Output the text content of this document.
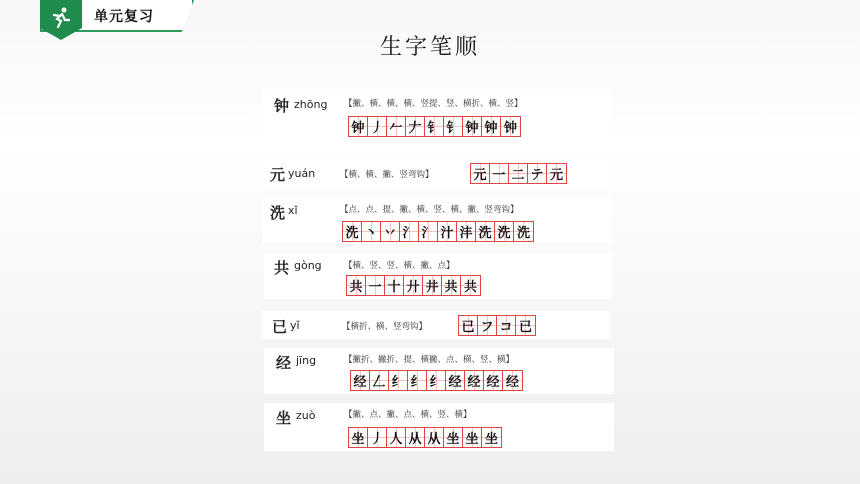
单元复习
生字笔顺
钟 zhōng 【撇、横、横、横、竖提、竖、横折、横、竖】
钟 丿 𠂉 𠂇 钅 钅 钟 钟 钟
元 yuán	【横、横、撇、竖弯钩】	元 一 二 テ 元
洗 xǐ	【点、点、提、撇、横、竖、横、撇、竖弯钩】
洗 丶 丷 氵 氵 汁 沣 洗 洗 洗
共 gòng	【横、竖、竖、横、撇、点】
共 一 十 廾 井 共 共
已 yǐ	【横折、横、竖弯钩】	已 フ コ 已
经 jīng	【撇折、撇折、提、横撇、点、横、竖、横】
经 𠃋 纟 纟 纟 经 经 经 经
坐 zuò	【撇、点、撇、点、横、竖、横】
坐 丿 人 从 从 坐 坐 坐
